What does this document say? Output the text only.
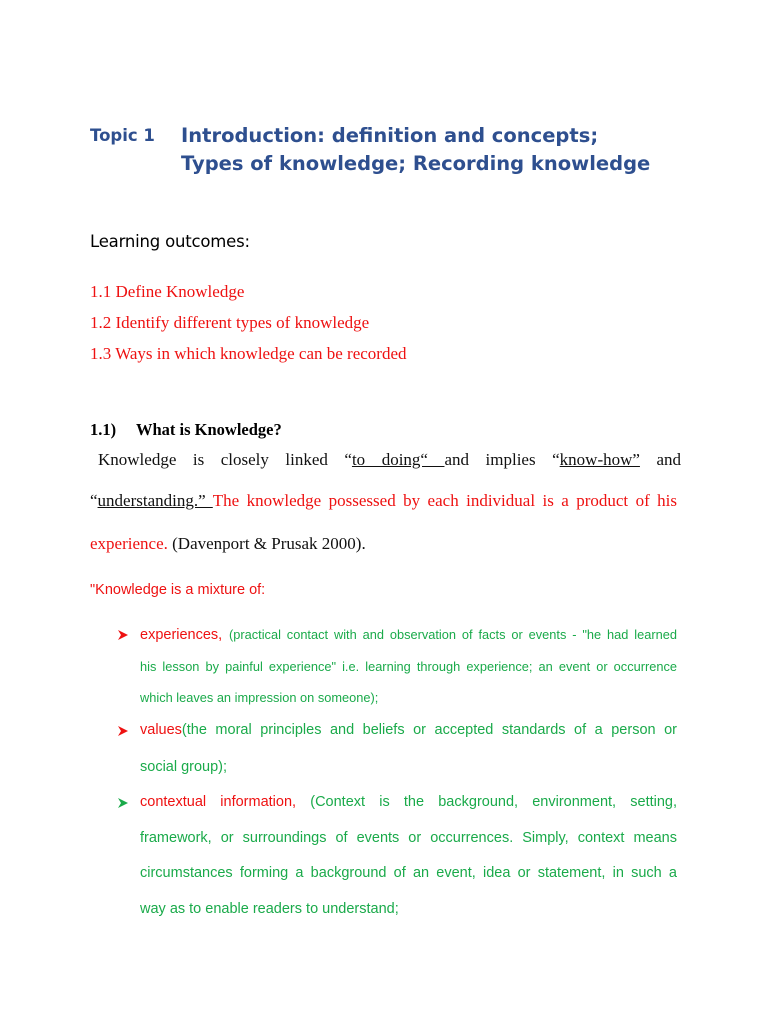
Topic 1 Introduction: definition and concepts;
Types of knowledge; Recording knowledge
Learning outcomes:
1.1 Define Knowledge
1.2 Identify different types of knowledge
1.3 Ways in which knowledge can be recorded
1.1) What is Knowledge?
Knowledge is closely linked “to doing“ and implies “know-how” and
“understanding.” The knowledge possessed by each individual is a product of his
experience. (Davenport & Prusak 2000).
"Knowledge is a mixture of:
experiences, (practical contact with and observation of facts or events - "he had learned
his lesson by painful experience" i.e. learning through experience; an event or occurrence
which leaves an impression on someone);
values(the moral principles and beliefs or accepted standards of a person or
social group);
contextual information, (Context is the background, environment, setting,
framework, or surroundings of events or occurrences. Simply, context means
circumstances forming a background of an event, idea or statement, in such a
way as to enable readers to understand;
